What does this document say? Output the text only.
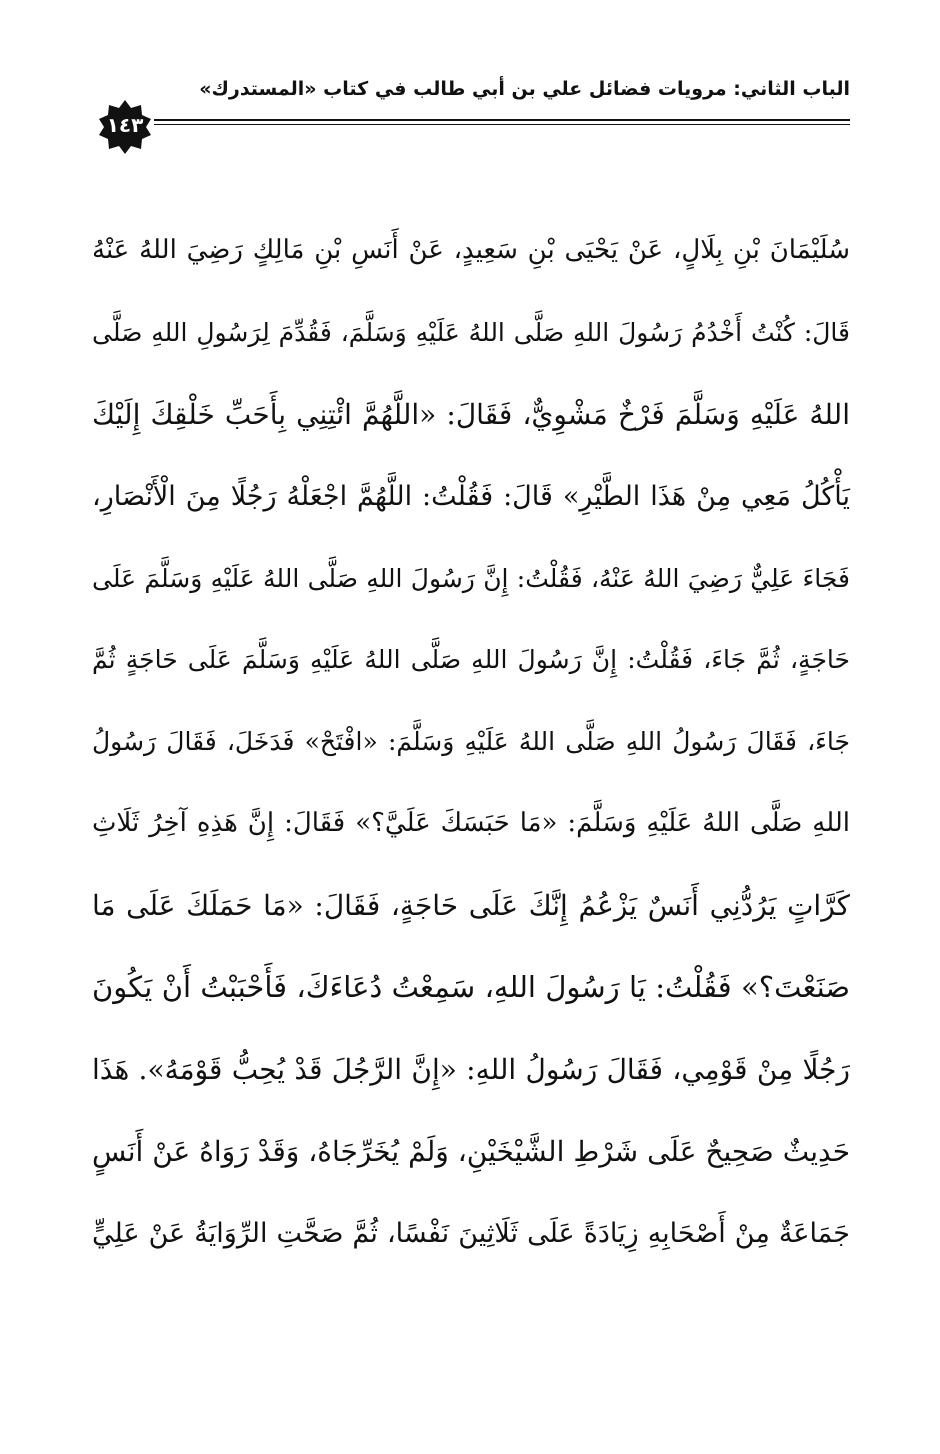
الباب الثاني: مرويات فضائل علي بن أبي طالب في كتاب «المستدرك»
١٤٣
سُلَيْمَانَ بْنِ بِلَالٍ، عَنْ يَحْيَى بْنِ سَعِيدٍ، عَنْ أَنَسِ بْنِ مَالِكٍ رَضِيَ اللهُ عَنْهُ
قَالَ: كُنْتُ أَخْدُمُ رَسُولَ اللهِ صَلَّى اللهُ عَلَيْهِ وَسَلَّمَ، فَقُدِّمَ لِرَسُولِ اللهِ صَلَّى
اللهُ عَلَيْهِ وَسَلَّمَ فَرْخٌ مَشْوِيٌّ، فَقَالَ: «اللَّهُمَّ ائْتِنِي بِأَحَبِّ خَلْقِكَ إِلَيْكَ
يَأْكُلُ مَعِي مِنْ هَذَا الطَّيْرِ» قَالَ: فَقُلْتُ: اللَّهُمَّ اجْعَلْهُ رَجُلًا مِنَ الْأَنْصَارِ،
فَجَاءَ عَلِيٌّ رَضِيَ اللهُ عَنْهُ، فَقُلْتُ: إِنَّ رَسُولَ اللهِ صَلَّى اللهُ عَلَيْهِ وَسَلَّمَ عَلَى
حَاجَةٍ، ثُمَّ جَاءَ، فَقُلْتُ: إِنَّ رَسُولَ اللهِ صَلَّى اللهُ عَلَيْهِ وَسَلَّمَ عَلَى حَاجَةٍ ثُمَّ
جَاءَ، فَقَالَ رَسُولُ اللهِ صَلَّى اللهُ عَلَيْهِ وَسَلَّمَ: «افْتَحْ» فَدَخَلَ، فَقَالَ رَسُولُ
اللهِ صَلَّى اللهُ عَلَيْهِ وَسَلَّمَ: «مَا حَبَسَكَ عَلَيَّ؟» فَقَالَ: إِنَّ هَذِهِ آخِرُ ثَلَاثِ
كَرَّاتٍ يَرُدُّنِي أَنَسٌ يَزْعُمُ إِنَّكَ عَلَى حَاجَةٍ، فَقَالَ: «مَا حَمَلَكَ عَلَى مَا
صَنَعْتَ؟» فَقُلْتُ: يَا رَسُولَ اللهِ، سَمِعْتُ دُعَاءَكَ، فَأَحْبَبْتُ أَنْ يَكُونَ
رَجُلًا مِنْ قَوْمِي، فَقَالَ رَسُولُ اللهِ: «إِنَّ الرَّجُلَ قَدْ يُحِبُّ قَوْمَهُ». هَذَا
حَدِيثٌ صَحِيحٌ عَلَى شَرْطِ الشَّيْخَيْنِ، وَلَمْ يُخَرِّجَاهُ، وَقَدْ رَوَاهُ عَنْ أَنَسٍ
جَمَاعَةٌ مِنْ أَصْحَابِهِ زِيَادَةً عَلَى ثَلَاثِينَ نَفْسًا، ثُمَّ صَحَّتِ الرِّوَايَةُ عَنْ عَلِيٍّ
